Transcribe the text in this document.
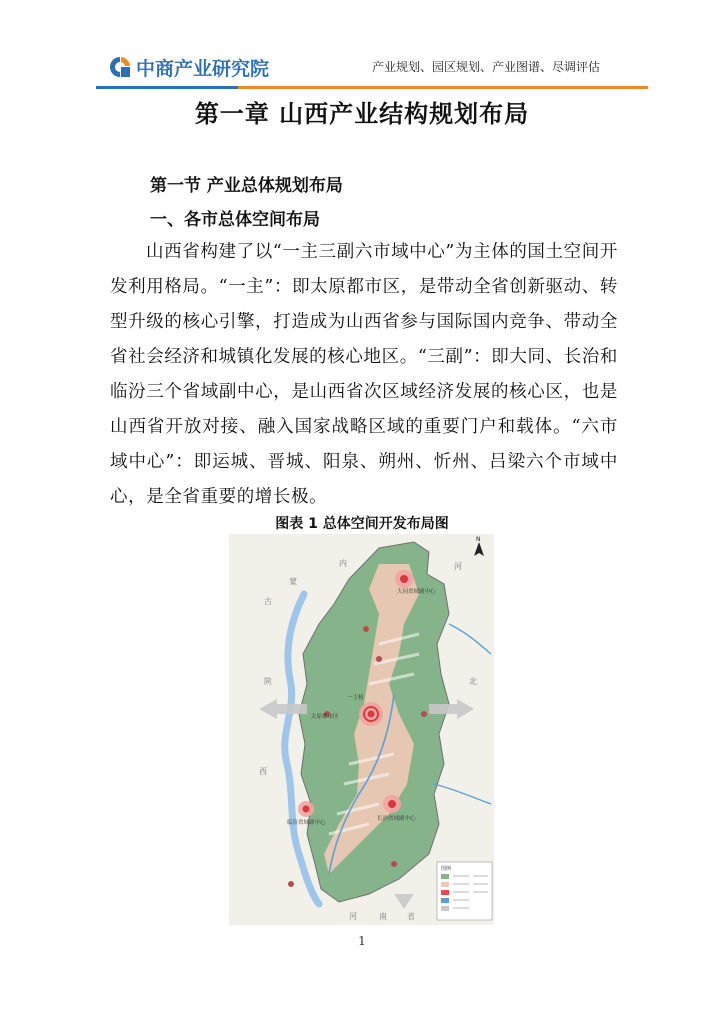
中商产业研究院	产业规划、园区规划、产业图谱、尽调评估
第一章 山西产业结构规划布局
第一节 产业总体规划布局
一、各市总体空间布局
山西省构建了以“一主三副六市域中心”为主体的国土空间开发利用格局。“一主”：即太原都市区，是带动全省创新驱动、转型升级的核心引擎，打造成为山西省参与国际国内竞争、带动全省社会经济和城镇化发展的核心地区。“三副”：即大同、长治和临汾三个省域副中心，是山西省次区域经济发展的核心区，也是山西省开放对接、融入国家战略区域的重要门户和载体。“六市域中心”：即运城、晋城、阳泉、朔州、忻州、吕梁六个市域中心，是全省重要的增长极。
图表 1 总体空间开发布局图
大同省域副中心
太原都市区
一主核
长治省域副中心
临汾省域副中心
内
蒙
古
陕
西
河
北
河	南	省
N
图例
1
